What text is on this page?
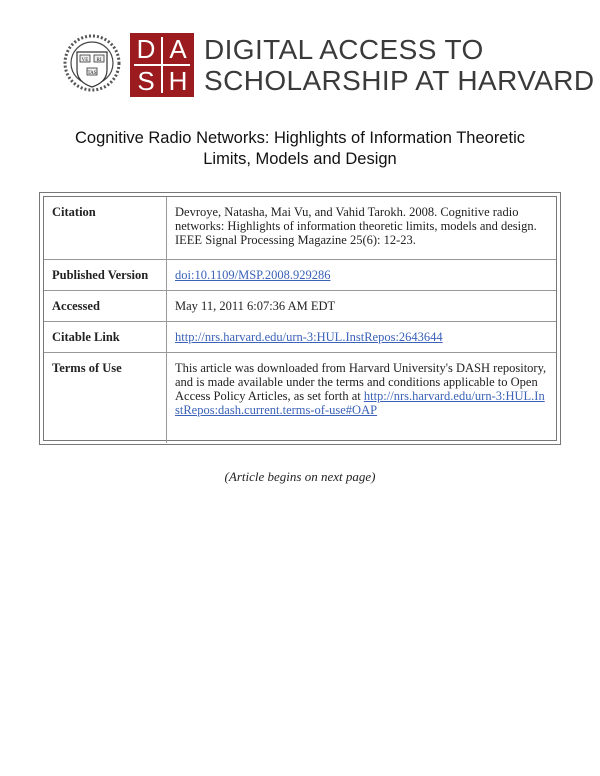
VE RI
TAS
D A
S H
DIGITAL ACCESS TO
SCHOLARSHIP AT HARVARD
Cognitive Radio Networks: Highlights of Information Theoretic
Limits, Models and Design
Citation	Devroye, Natasha, Mai Vu, and Vahid Tarokh. 2008. Cognitive radio networks: Highlights of information theoretic limits, models and design. IEEE Signal Processing Magazine 25(6): 12-23.
Published Version	doi:10.1109/MSP.2008.929286
Accessed	May 11, 2011 6:07:36 AM EDT
Citable Link	http://nrs.harvard.edu/urn-3:HUL.InstRepos:2643644
Terms of Use	This article was downloaded from Harvard University's DASH repository, and is made available under the terms and conditions applicable to Open Access Policy Articles, as set forth at http://nrs.harvard.edu/urn-3:HUL.InstRepos:dash.current.terms-of-use#OAP
(Article begins on next page)
